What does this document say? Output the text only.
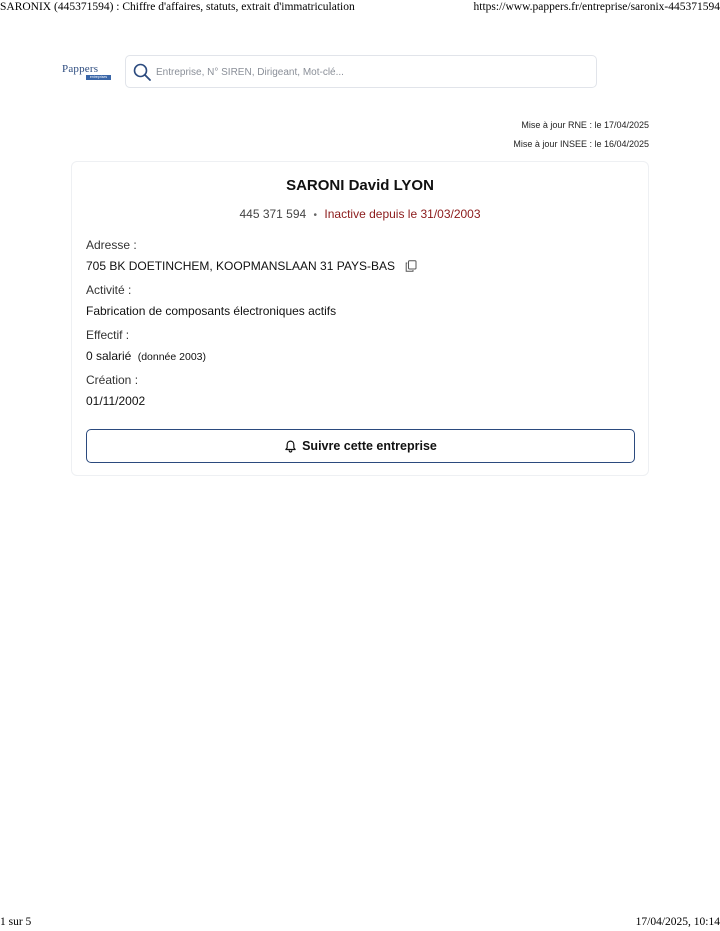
SARONIX (445371594) : Chiffre d'affaires, statuts, extrait d'immatriculation	https://www.pappers.fr/entreprise/saronix-445371594
Pappers
entreprises
Entreprise, N° SIREN, Dirigeant, Mot-clé...
Mise à jour RNE : le 17/04/2025
Mise à jour INSEE : le 16/04/2025
SARONI David LYON
445 371 594 • Inactive depuis le 31/03/2003
Adresse :
705 BK DOETINCHEM, KOOPMANSLAAN 31 PAYS-BAS
Activité :
Fabrication de composants électroniques actifs
Effectif :
0 salarié (donnée 2003)
Création :
01/11/2002
Suivre cette entreprise
1 sur 5	17/04/2025, 10:14
